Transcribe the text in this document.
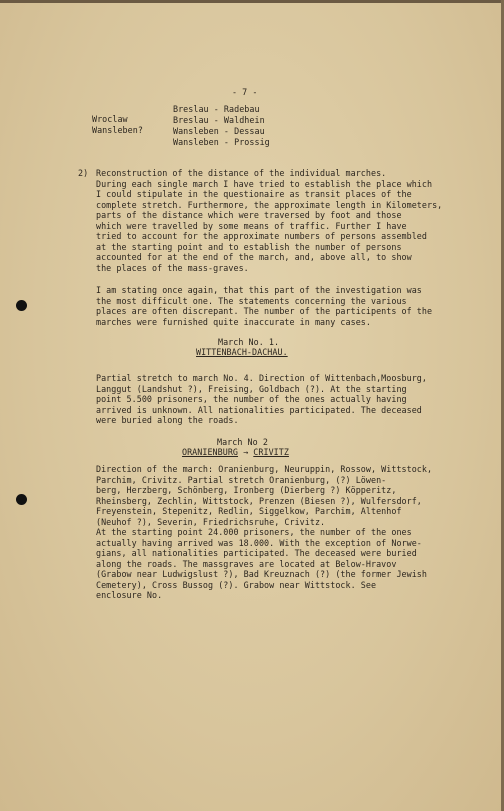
- 7 -
Wroclaw
Wansleben?
Breslau - Radebau
Breslau - Waldhein
Wansleben - Dessau
Wansleben - Prossig
2)

Reconstruction of the distance of the individual marches.

During each single march I have tried to establish the place which

I could stipulate in the questionaire as transit places of the

complete stretch. Furthermore, the approximate length in Kilometers,

parts of the distance which were traversed by foot and those

which were travelled by some means of traffic. Further I have

tried to account for the approximate numbers of persons assembled

at the starting point and to establish the number of persons

accounted for at the end of the march, and, above all, to show

the places of the mass-graves.

I am stating once again, that this part of the investigation was

the most difficult one. The statements concerning the various

places are often discrepant. The number of the participents of the

marches were furnished quite inaccurate in many cases.

March No. 1.
WITTENBACH-DACHAU.

Partial stretch to march No. 4. Direction of Wittenbach,Moosburg,

Langgut (Landshut ?), Freising, Goldbach (?). At the starting

point 5.500 prisoners, the number of the ones actually having

arrived is unknown. All nationalities participated. The deceased

were buried along the roads.

March No 2
ORANIENBURG → CRIVITZ

Direction of the march: Oranienburg, Neuruppin, Rossow, Wittstock,

Parchim, Crivitz. Partial stretch Oranienburg, (?) Löwen-

berg, Herzberg, Schönberg, Ironberg (Dierberg ?) Köpperitz,

Rheinsberg, Zechlin, Wittstock, Prenzen (Biesen ?), Wulfersdorf,

Freyenstein, Stepenitz, Redlin, Siggelkow, Parchim, Altenhof

(Neuhof ?), Severin, Friedrichsruhe, Crivitz.

At the starting point 24.000 prisoners, the number of the ones

actually having arrived was 18.000. With the exception of Norwe-

gians, all nationalities participated. The deceased were buried

along the roads. The massgraves are located at Below-Hravov

(Grabow near Ludwigslust ?), Bad Kreuznach (?) (the former Jewish

Cemetery), Cross Bussog (?). Grabow near Wittstock. See

enclosure No.
